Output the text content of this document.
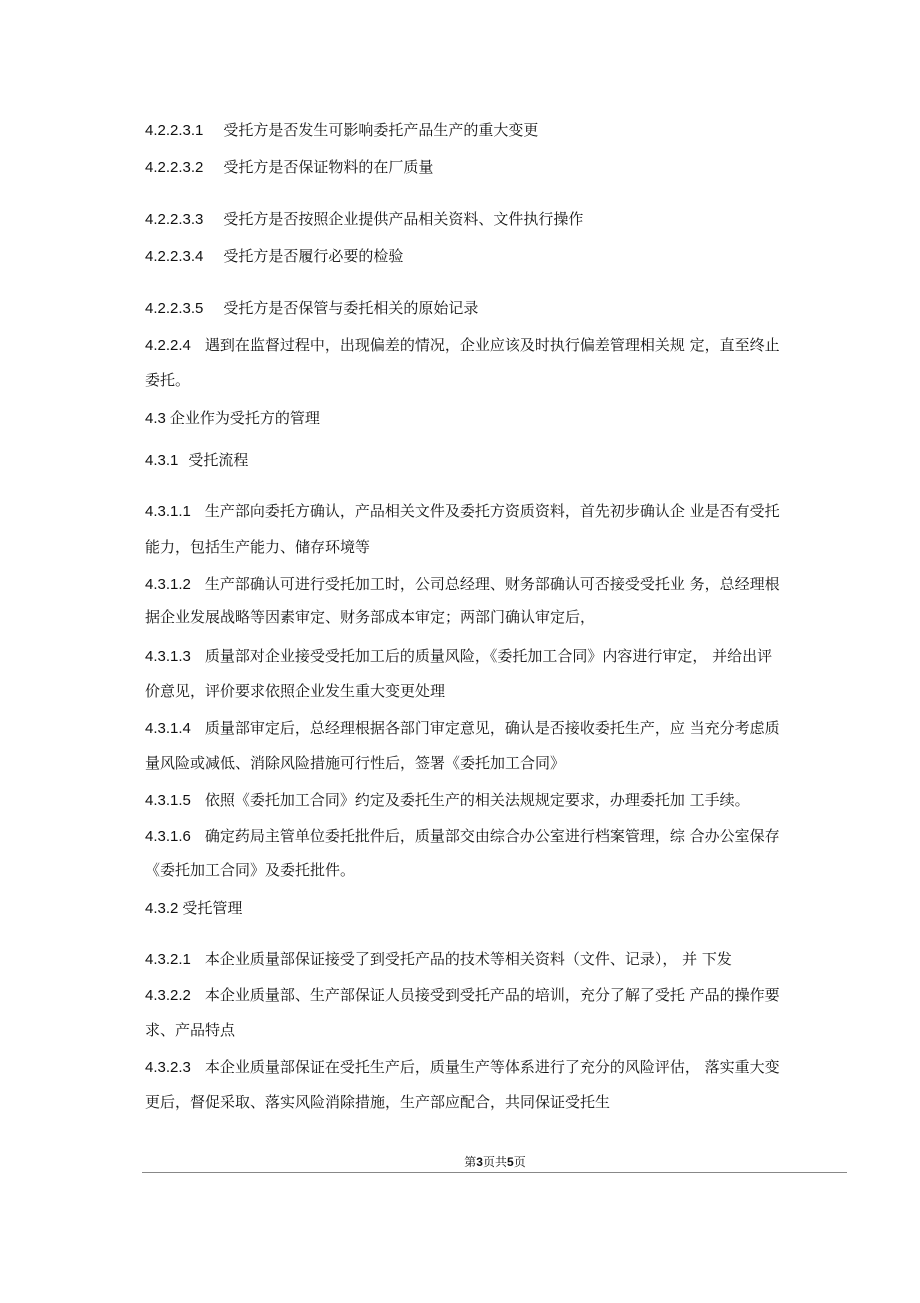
4.2.2.3.1 受托方是否发生可影响委托产品生产的重大变更
4.2.2.3.2 受托方是否保证物料的在厂质量
4.2.2.3.3 受托方是否按照企业提供产品相关资料、文件执行操作
4.2.2.3.4 受托方是否履行必要的检验
4.2.2.3.5 受托方是否保管与委托相关的原始记录
4.2.2.4 遇到在监督过程中，出现偏差的情况，企业应该及时执行偏差管理相关规 定，直至终止
委托。
4.3 企业作为受托方的管理
4.3.1 受托流程
4.3.1.1 生产部向委托方确认，产品相关文件及委托方资质资料，首先初步确认企 业是否有受托
能力，包括生产能力、储存环境等
4.3.1.2 生产部确认可进行受托加工时，公司总经理、财务部确认可否接受受托业 务，总经理根
据企业发展战略等因素审定、财务部成本审定；两部门确认审定后，
4.3.1.3 质量部对企业接受受托加工后的质量风险，《委托加工合同》内容进行审定， 并给出评
价意见，评价要求依照企业发生重大变更处理
4.3.1.4 质量部审定后，总经理根据各部门审定意见，确认是否接收委托生产，应 当充分考虑质
量风险或减低、消除风险措施可行性后，签署《委托加工合同》
4.3.1.5 依照《委托加工合同》约定及委托生产的相关法规规定要求，办理委托加 工手续。
4.3.1.6 确定药局主管单位委托批件后，质量部交由综合办公室进行档案管理，综 合办公室保存
《委托加工合同》及委托批件。
4.3.2 受托管理
4.3.2.1 本企业质量部保证接受了到受托产品的技术等相关资料（文件、记录）， 并 下发
4.3.2.2 本企业质量部、生产部保证人员接受到受托产品的培训，充分了解了受托 产品的操作要
求、产品特点
4.3.2.3 本企业质量部保证在受托生产后，质量生产等体系进行了充分的风险评估， 落实重大变
更后，督促采取、落实风险消除措施，生产部应配合，共同保证受托生
第3页共5页
